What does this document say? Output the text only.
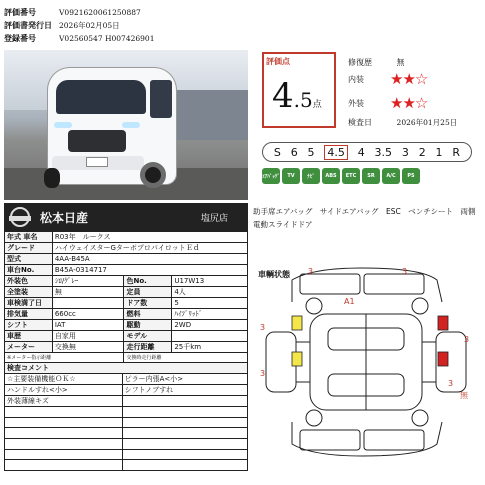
評価番号	V0921620061250887
評価書発行日 2026年02月05日
登録番号	V02560547 H007426901
松本日産	塩尻店
年式 車名	R03年　ルークス		
グレード	ハイウェイスターGターボプロパイロットＥｄ		
型式	4AA-B45A		
車台No.	B45A-0314717		
外装色	ｼﾛ/ｸﾞﾚｰ	色No.	U17W13
全塗装	無	定員	4人
車検満了日		ドア数	5
排気量	660cc	燃料	ﾊｲﾌﾞﾘｯﾄﾞ
シフト	IAT	駆動	2WD
車歴	自家用	モデル	
メーター	交換無	走行距離	25千km
※メーター指示距離		交換時走行距離	
検査コメント	
☆主要装備機能ＯＫ☆	ピラー内張A<小>
ハンドルすれ<小>	シフトノブすれ
外装薄線キズ	

評価点
4.5点
修復歴	無
内装	★★☆
外装	★★☆
検査日	2026年01月25日
S 6 5 4.5 4 3.5 3 2 1 R
ｴｱﾊﾞｯｸﾞ	TV	ﾅﾋﾞ	ABS	ETC	SR	A/C	PS
助手席エアバッグ　サイドエアバッグ　ESC　ベンチシート　両側電動スライドドア
車輌状態 3	3
3
3
3
A1
3
無
